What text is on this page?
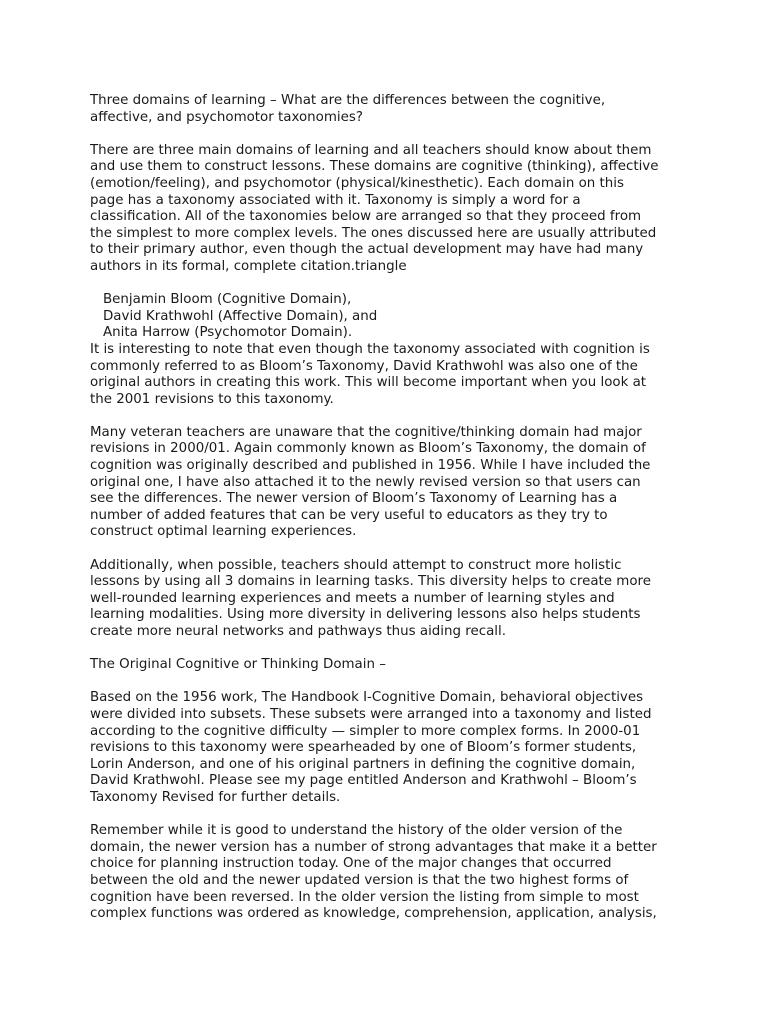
Three domains of learning – What are the differences between the cognitive,
affective, and psychomotor taxonomies?

There are three main domains of learning and all teachers should know about them
and use them to construct lessons. These domains are cognitive (thinking), affective
(emotion/feeling), and psychomotor (physical/kinesthetic). Each domain on this
page has a taxonomy associated with it. Taxonomy is simply a word for a
classification. All of the taxonomies below are arranged so that they proceed from
the simplest to more complex levels. The ones discussed here are usually attributed
to their primary author, even though the actual development may have had many
authors in its formal, complete citation.triangle

Benjamin Bloom (Cognitive Domain),
David Krathwohl (Affective Domain), and
Anita Harrow (Psychomotor Domain).

It is interesting to note that even though the taxonomy associated with cognition is
commonly referred to as Bloom’s Taxonomy, David Krathwohl was also one of the
original authors in creating this work. This will become important when you look at
the 2001 revisions to this taxonomy.

Many veteran teachers are unaware that the cognitive/thinking domain had major
revisions in 2000/01. Again commonly known as Bloom’s Taxonomy, the domain of
cognition was originally described and published in 1956. While I have included the
original one, I have also attached it to the newly revised version so that users can
see the differences. The newer version of Bloom’s Taxonomy of Learning has a
number of added features that can be very useful to educators as they try to
construct optimal learning experiences.

Additionally, when possible, teachers should attempt to construct more holistic
lessons by using all 3 domains in learning tasks. This diversity helps to create more
well-rounded learning experiences and meets a number of learning styles and
learning modalities. Using more diversity in delivering lessons also helps students
create more neural networks and pathways thus aiding recall.

The Original Cognitive or Thinking Domain –

Based on the 1956 work, The Handbook I-Cognitive Domain, behavioral objectives
were divided into subsets. These subsets were arranged into a taxonomy and listed
according to the cognitive difficulty — simpler to more complex forms. In 2000-01
revisions to this taxonomy were spearheaded by one of Bloom’s former students,
Lorin Anderson, and one of his original partners in defining the cognitive domain,
David Krathwohl. Please see my page entitled Anderson and Krathwohl – Bloom’s
Taxonomy Revised for further details.

Remember while it is good to understand the history of the older version of the
domain, the newer version has a number of strong advantages that make it a better
choice for planning instruction today. One of the major changes that occurred
between the old and the newer updated version is that the two highest forms of
cognition have been reversed. In the older version the listing from simple to most
complex functions was ordered as knowledge, comprehension, application, analysis,
